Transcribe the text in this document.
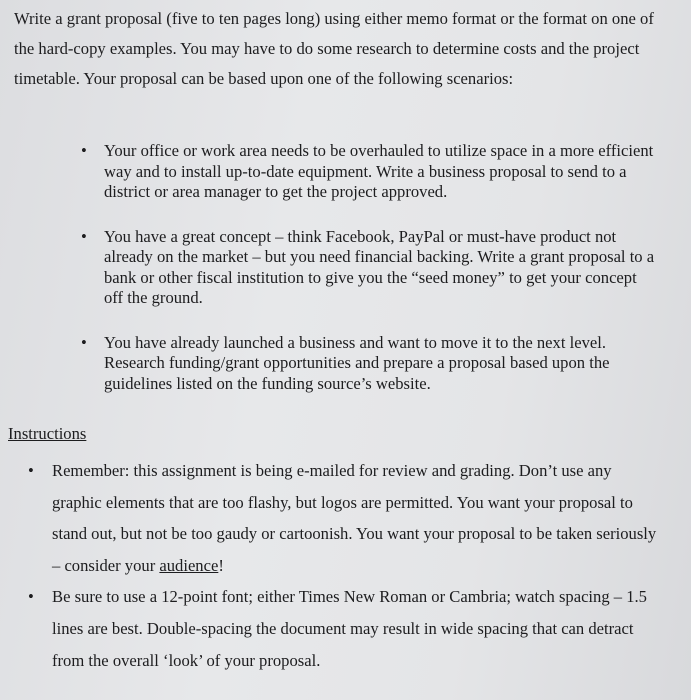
Write a grant proposal (five to ten pages long) using either memo format or the format on one of the hard-copy examples. You may have to do some research to determine costs and the project timetable. Your proposal can be based upon one of the following scenarios:

• Your office or work area needs to be overhauled to utilize space in a more efficient way and to install up-to-date equipment. Write a business proposal to send to a district or area manager to get the project approved.
• You have a great concept – think Facebook, PayPal or must-have product not already on the market – but you need financial backing. Write a grant proposal to a bank or other fiscal institution to give you the “seed money” to get your concept off the ground.
• You have already launched a business and want to move it to the next level. Research funding/grant opportunities and prepare a proposal based upon the guidelines listed on the funding source’s website.

Instructions

• Remember: this assignment is being e-mailed for review and grading. Don’t use any graphic elements that are too flashy, but logos are permitted. You want your proposal to stand out, but not be too gaudy or cartoonish. You want your proposal to be taken seriously – consider your audience!
• Be sure to use a 12-point font; either Times New Roman or Cambria; watch spacing – 1.5 lines are best. Double-spacing the document may result in wide spacing that can detract from the overall ‘look’ of your proposal.
